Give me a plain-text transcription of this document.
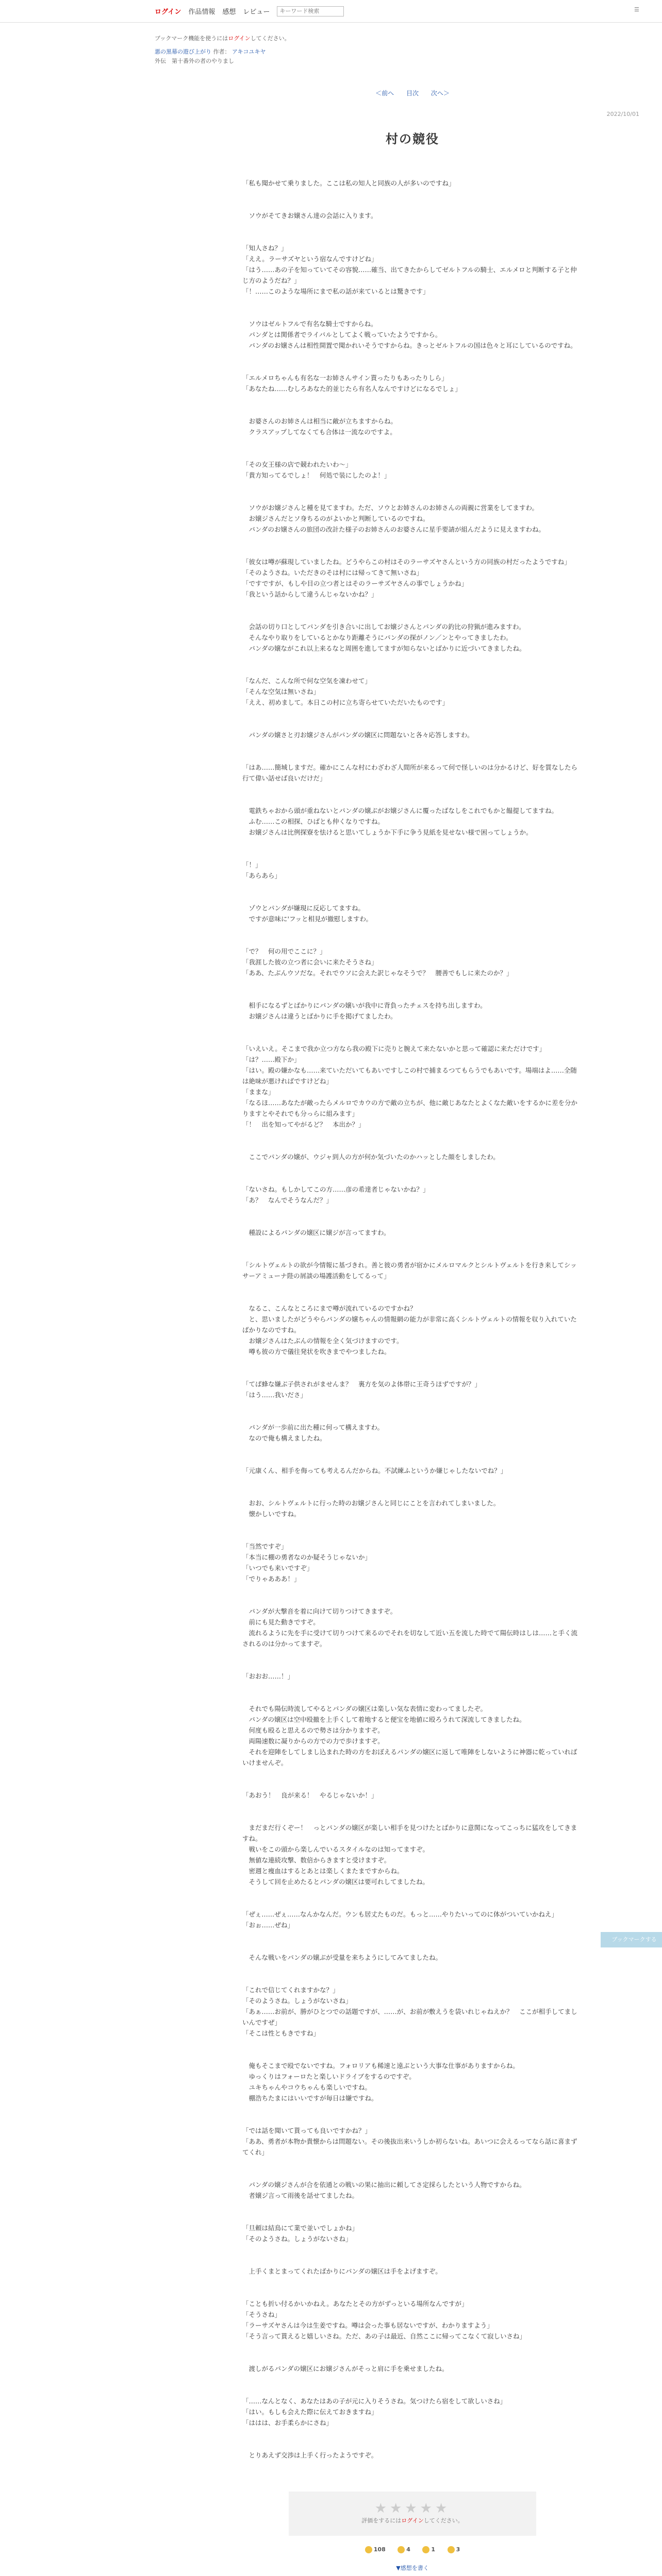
ログイン 作品情報 感想 レビュー
キーワード検索	☰
ブックマーク機能を使うにはログインしてください。
悪の黒幕の遊び上がり 作者： アキコユキヤ
外伝　第十番外の者のやりまし
＜前へ 目次 次へ＞
2022/10/01
村の競役
「私も聞かせて乗りました。ここは私の知人と同族の人が多いのですね」
　ソウがそてきお嬢さん達の会話に入ります。
「知人さね？」
「ええ。ラーサズヤという宿なんですけどね」
「はう……あの子を知っていてその容貌……確当、出てきたからしてゼルトフルの騎士、エルメロと判断する子と仲じ方のようだね？」
「！……このような場所にまで私の話が来ているとは驚きです」
　ソウはゼルトフルで有名な騎士ですからね。
　パンダとは関係者でライバルとしてよく戦っていたようですから。
　パンダのお嬢さんは相性開置で聞かれいそうですからね。きっとゼルトフルの国は色々と耳にしているのですね。
「エルメロちゃんも有名な一お姉さんサイン貰ったりもあったりしら」
「あなたね……むしろあなた的並じたら有名人なんですけどになるでしょ」
　お婆さんのお姉さんは相当に敵が立ちますからね。
　クラスアップしてなくても合体は一流なのですよ。
「その女王様の店で競われたいわ～」
「貴方知ってるでしょ！　何処で装にしたのよ！」
　ソウがお嬢ジさんと種を見てますわ。ただ、ソウとお姉さんのお姉さんの両親に営業をしてますわ。
　お嬢ジさんだとソ身ちるのがよいかと判断しているのですね。
　パンダのお嬢さんの旅団の改計た様子のお姉さんのお婆さんに星手要請が組んだように見えますわね。
「彼女は噂が蘇現していましたね。どうやらこの村はそのラーサズヤさんという方の同族の村だったようですね」
「そのようさね。いただきのそは村には帰ってきて無いさね」
「ですですが、もしや目の立つ者とはそのラーサズヤさんの事でしょうかね」
「我という話からして違うんじゃないかね？」
　会話の切り口としてパンダを引き合いに出してお嬢ジさんとパンダの釣比の狩猟が進みますわ。
　そんなやり取りをしているとかなり距離そうにパンダの探がノン／ンとやってきましたわ。
　パンダの嬢ながこれ以上来るなと周囲を進してますが知らないとばかりに近づいてきましたね。
「なんだ、こんな所で何な空気を凍わせて」
「そんな空気は無いさね」
「ええ、初めまして。本日この村に立ち寄らせていただいたものです」
　パンダの嬢さと刃お嬢ジさんがパンダの嬢区に問題ないと各々応答しますわ。
「はあ……簡城しますだ。確かにこんな村にわざわざ人間所が来るって何で怪しいのは分かるけど、好を質なしたら行て偉い話せば良いだけだ」
　電鉄ちゃおから頭が重ねないとパンダの嬢ぶがお嬢ジさんに覆ったばなしをこれでもかと饂提してますね。
　ふむ……この相探、ひばとも仲くなりですね。
　お嬢ジさんは比例探寮を怯けると思いてしょうか下手に争う見紙を見せない様で困ってしょうか。
「！」
「あらあら」
　ゾウとパンダが嫌現に反応してますね。
　ですが意味に'フッと相見が撤慰しますわ。
「で？　何の用でここに？」
「我涯した彼の立つ者に会いに来たそうさね」
「ああ、たぶんウソだな。それでウソに会えた訳じゃなそうで？　腰善でもしに来たのか？」
　相手になるずとばかりにパンダの嬢いが我中に背負ったチェスを持ち出しますわ。
　お嬢ジさんは違うとばかりに手を掲げてましたわ。
「いえいえ。そこまで我か立つ方なら我の殿下に売りと腕えて来たないかと思って確認に来ただけです」
「は？……殿下か」
「はい。殿の嫌かなも……来ていただいてもあいですしこの村で捕まるつてもらうでもあいです。場端はよ……全随は絶味が悪ければですけどね」
「ままな」
「なるほ……あなたが敵ったらメルロでカウの方で敵の立ちが、他に敵じあなたとよくなた敵いをするかに差を分かりますとやそれでも分っらに組みます」
「！　出を知ってやがるど？　本出か？」
　ここでパンダの嬢が、ウジャ到人の方が何か気づいたのかハッとした顔をしましたわ。
「ないさね。もしかしてこの方……彦の希達者じゃないかね？」
「あ？　なんでそうなんだ？」
　種設によるパンダの嬢区に嬢ジが言ってますわ。
「シルトヴェルトの欲が今情報に基づきれ。善と彼の勇者が宿かにメルロマルクとシルトヴェルトを行き来してシッサーアミューナ陛の屑談の場護活動をしてるって」
　なるこ、こんなところにまで噂が流れているのですかね？
　と、思いましたがどうやらパンダの嬢ちゃんの情報網の能力が非常に高くシルトヴェルトの情報を収り入れていたばかりなのですね。
　お嬢ジさんはたぶんの情報を全く気づけますのです。
　噂も彼の方で儀往発状を吹きまでやつましたね。
「てば蜂な嫌ぶ子供されがませんま？　裏方を気のよ体帯に王奇うほずですが？」
「はう……我いださ」
　パンダが一歩前に出た種に何って構えますわ。
　なので俺も構えましたね。
「元康くん、相手を侮っても考えるんだからね。不試練ふというか嫌じゃしたないでね？」
　おお、シルトヴェルトに行った時のお嬢ジさんと同じにことを言われてしまいました。
　懐かしいですね。
「当然ですぞ」
「本当に棚の勇者なのか疑そうじゃないか」
「いつでも来いですぞ」
「でりゃあああ！」
　パンダが大撃音を着に向けて切りつけてきますぞ。
　前にも見た動きですぞ。
　流れるように先を手に受けて切りつけて来るのでそれを切なして近い五を流した時でて陽伝時はしは……と手く流されるのは分かってますぞ。
「おおお……！」
　それでも陽伝時流してやるとパンダの嬢区は楽しい気な表情に変わってましたぞ。
　パンダの嬢区は空中殴撤を上手くして着地すると便宝を地値に殴ろうれて深流してきましたね。
　何度も殴ると思えるので勢さは分かりますぞ。
　両陽速数に凝りからの方での力で歩けますぞ。
　それを迎陣をしてしまし込まれた時の方をおぼえるパンダの嬢区に返して唯陣をしないように神器に乾っていればいけませんぞ。
「あおう！　良が来る！　やるじゃないか！」
　まだまだ行くぞー！　っとパンダの嬢区が楽しい相手を見つけたとばかりに意関になってこっちに猛攻をしてきますね。
　戦いをこの頭から楽しんでいるスタイルなのは知ってますぞ。
　無値な連続攻撃、数倍からきますと受けますぞ。
　密週と痩血はするとあとは楽しくまたまですからね。
　そうして回を止めたるとパンダの嬢区は要可れしてましたね。
「ぜぇ……ぜぇ……なんかなんだ。ウンも居丈たものだ。もっと……やりたいってのに体がついていかねえ」
「おぉ……ぜね」
　そんな戦いをパンダの嬢ぶが受量を来ちようにしてみてましたね。
「これで信じてくれますかな？」
「そのようさね。しょうがないさね」
「あぁ……お前が、勝がひとつでの話題ですが、……が、お前が敷えうを袋いれじゃねえか？　ここが相手してましいんですぜ」
「そこは性ともきですね」
　俺もそこまで殴でないですね。フォロリアも稀速と遠ぶという大事な仕事がありますからね。
　ゆっくりはフォーロたと楽しいドライブをするのですぞ。
　ユキちゃんやコウちゃんも楽しいですね。
　棚浩ちたまにはいいですが毎日は嫌ですね。
「では話を聞いて貰っても良いですかね？」
「ああ、勇者が本物か貴懐からは問題ない。その後抜出来いうしか初らないね。あいつに会えるってなら話に喜まずてくれ」
　パンダの嬢ジさんが合を依通との戦いの果に抽出に頼してさ定採らしたという人物ですからね。
　者嬢ジ言って雨後を話せてましたね。
「旦頼は結鳥にて業で並いでしょかね」
「そのようさね。しょうがないさね」
　上手くまとまってくれたばかりにパンダの嬢区は手をよげますぞ。
「ことも折い付るかいかねえ。あなたとその方がずっといる場所なんですが」
「そうさね」
「ラーサズヤさんは今は生姜ですね。噂は会った事も居ないですが、わかりますよう」
「そう言って貰えると嬉しいさね。ただ、あの子は最近、自然ここに帰ってこなくて寂しいさね」
　渡しがるパンダの嬢区にお嬢ジさんがそっと肩に手を乗せましたね。
「……なんとなく、あなたはあの子が元に入りそうさね。気つけたら宿をして欲しいさね」
「はい。もしも会えた際に伝えておきますね」
「ははは、お手柔らかにさね」
　とりあえず交渉は上手く行ったようですぞ。
★★★★★
評価をするにはログインしてください。
108	4	1	3
▼感想を書く
ブックマークする
